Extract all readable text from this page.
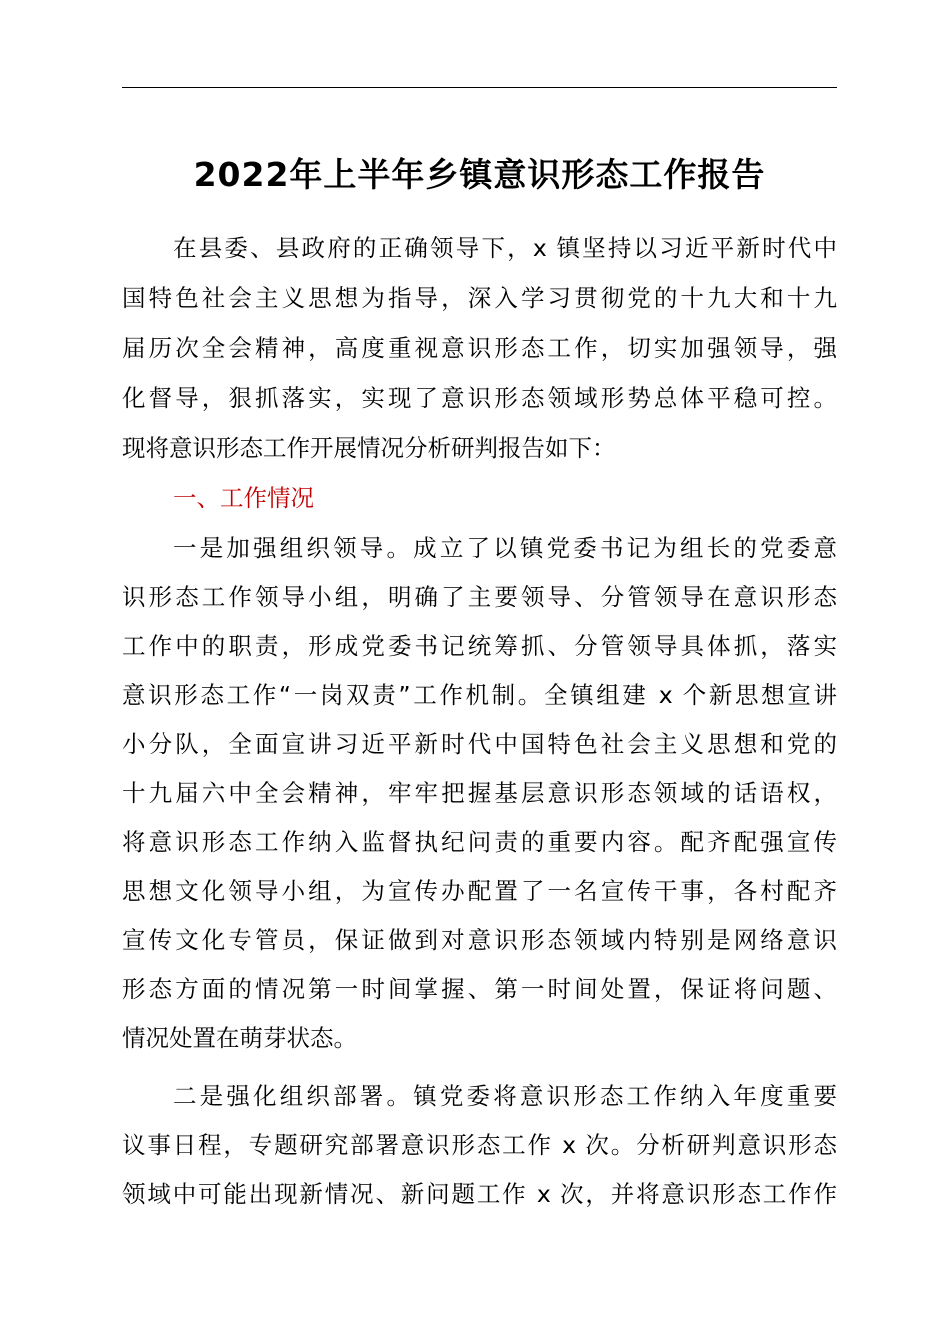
2022年上半年乡镇意识形态工作报告
在县委、县政府的正确领导下，x 镇坚持以习近平新时代中
国特色社会主义思想为指导，深入学习贯彻党的十九大和十九
届历次全会精神，高度重视意识形态工作，切实加强领导，强
化督导，狠抓落实，实现了意识形态领域形势总体平稳可控。
现将意识形态工作开展情况分析研判报告如下：
一、工作情况
一是加强组织领导。成立了以镇党委书记为组长的党委意
识形态工作领导小组，明确了主要领导、分管领导在意识形态
工作中的职责，形成党委书记统筹抓、分管领导具体抓，落实
意识形态工作“一岗双责”工作机制。全镇组建 x 个新思想宣讲
小分队，全面宣讲习近平新时代中国特色社会主义思想和党的
十九届六中全会精神，牢牢把握基层意识形态领域的话语权，
将意识形态工作纳入监督执纪问责的重要内容。配齐配强宣传
思想文化领导小组，为宣传办配置了一名宣传干事，各村配齐
宣传文化专管员，保证做到对意识形态领域内特别是网络意识
形态方面的情况第一时间掌握、第一时间处置，保证将问题、
情况处置在萌芽状态。
二是强化组织部署。镇党委将意识形态工作纳入年度重要
议事日程，专题研究部署意识形态工作 x 次。分析研判意识形态
领域中可能出现新情况、新问题工作 x 次，并将意识形态工作作
